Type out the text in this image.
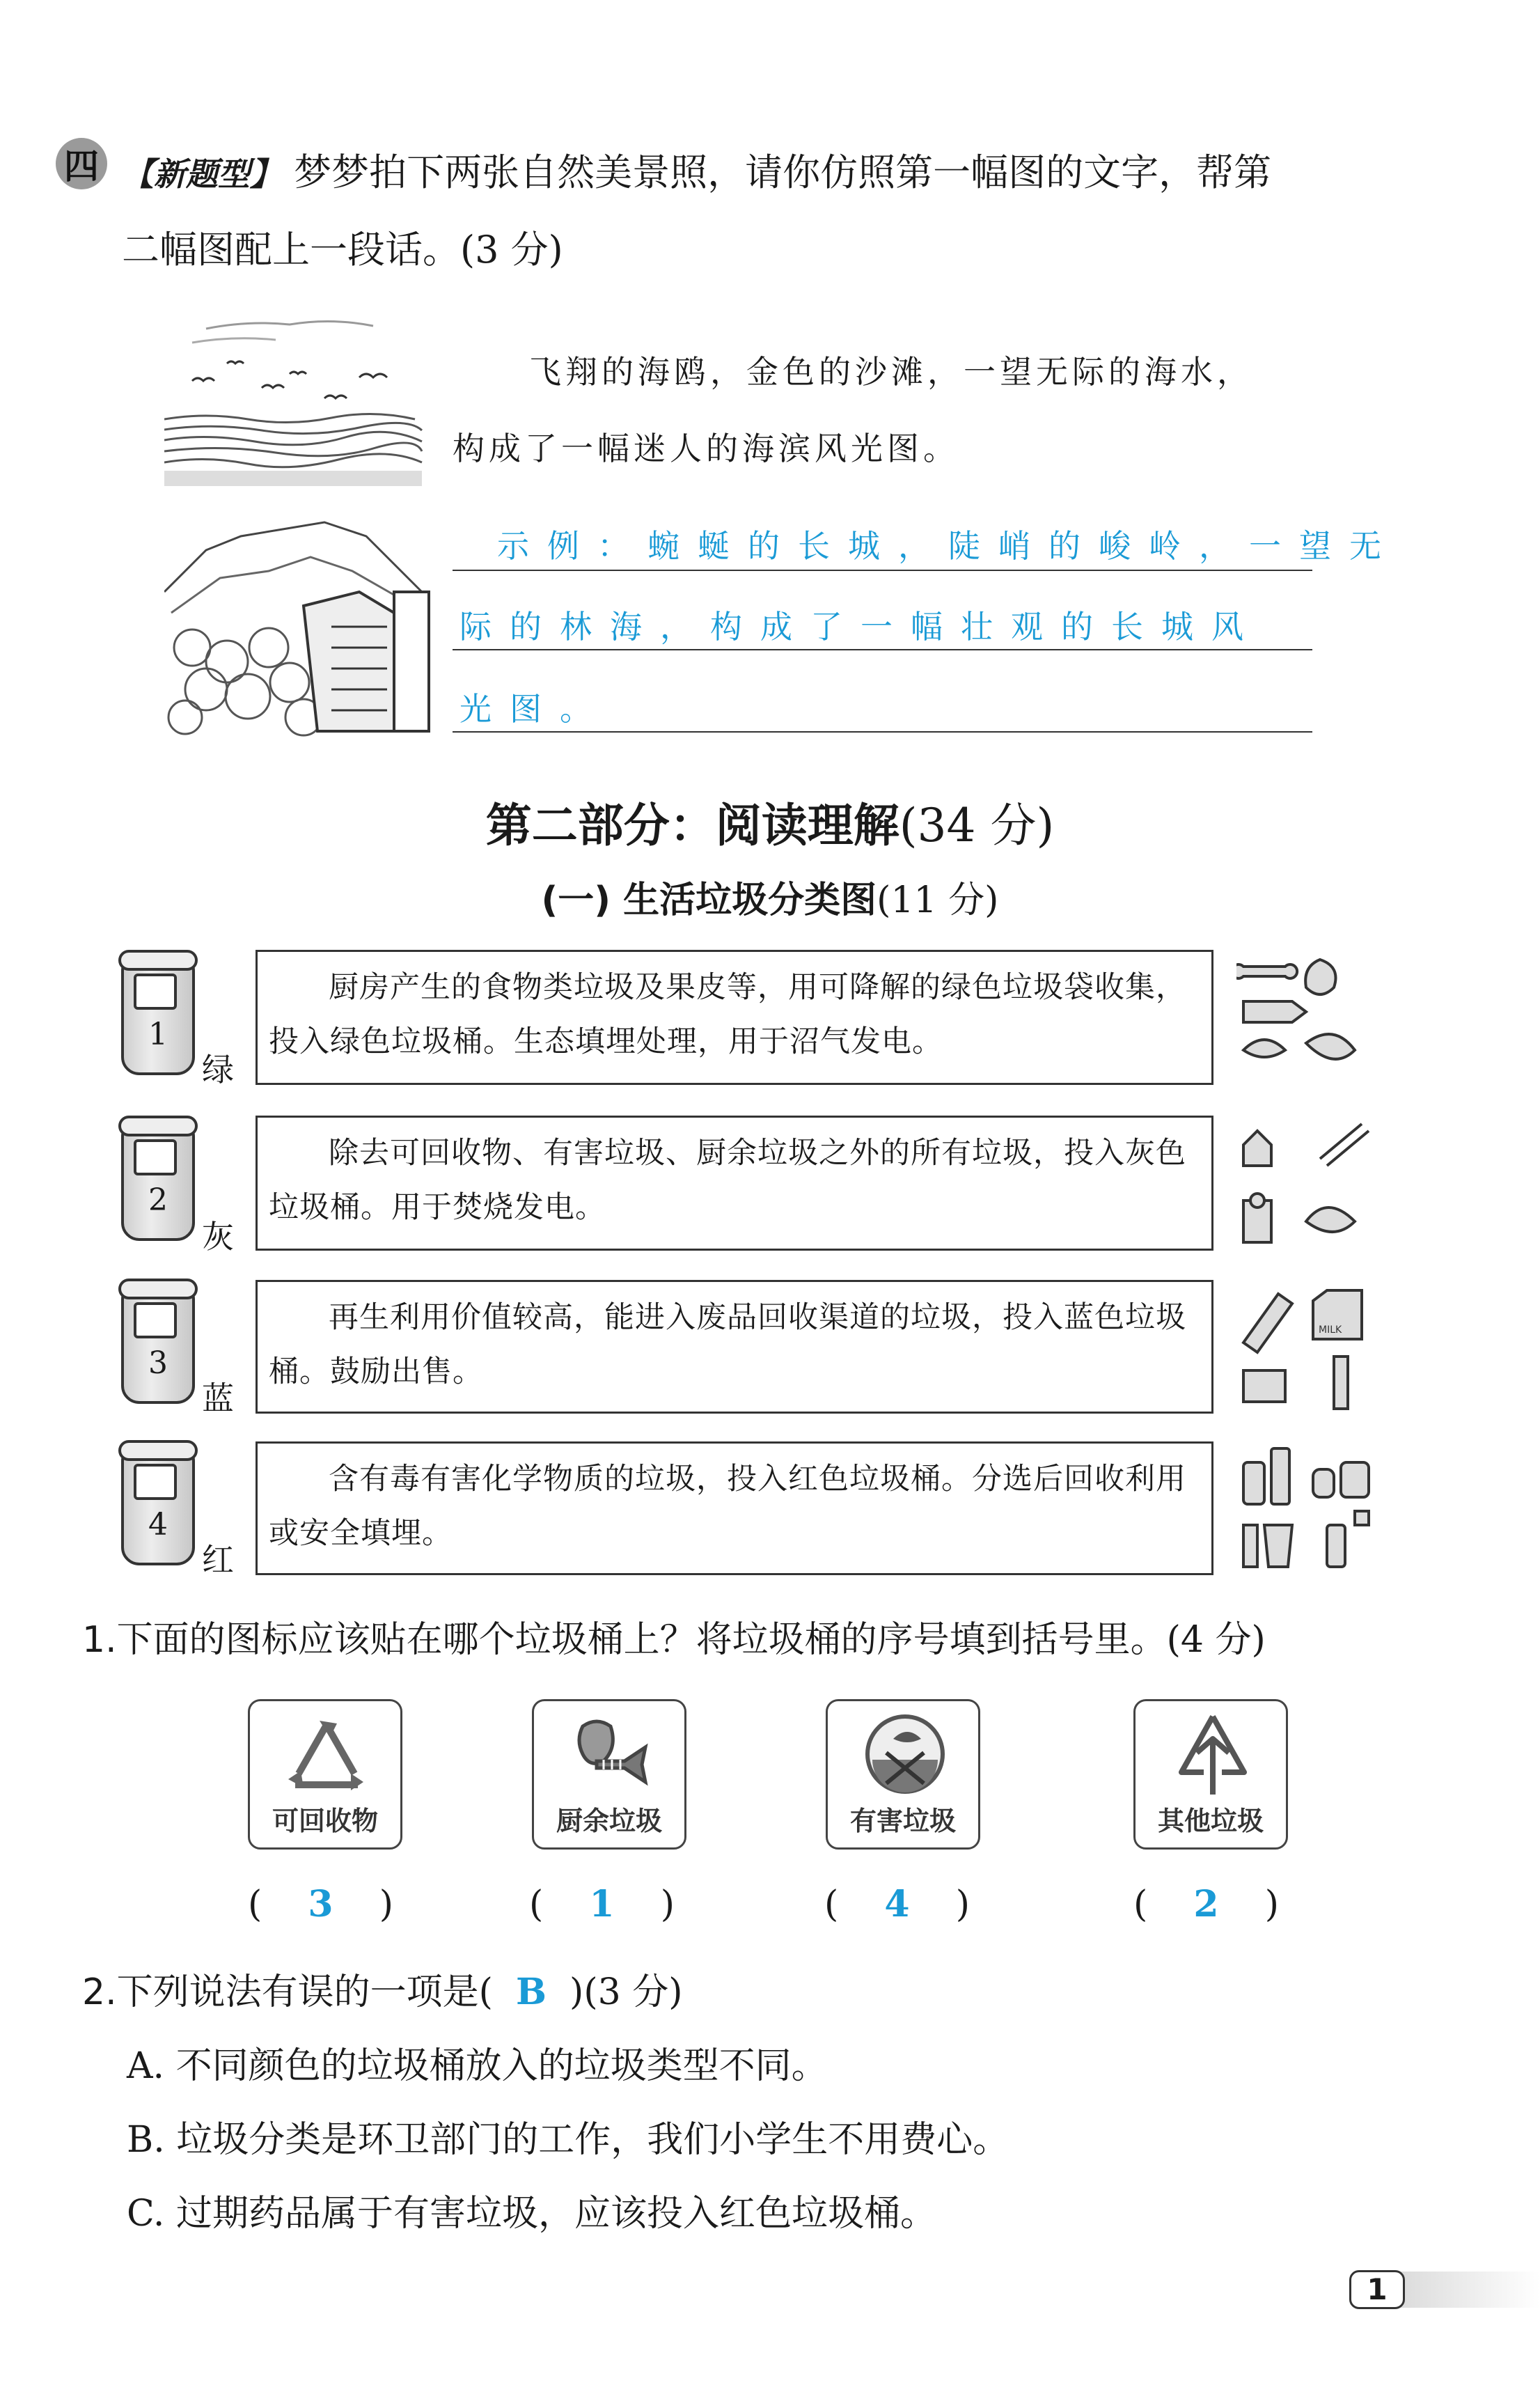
四 【新题型】 梦梦拍下两张自然美景照，请你仿照第一幅图的文字，帮第
二幅图配上一段话。(3 分)
飞翔的海鸥，金色的沙滩，一望无际的海水，
构成了一幅迷人的海滨风光图。
示例：蜿蜒的长城，陡峭的峻岭，一望无
际的林海，构成了一幅壮观的长城风
光图。
第二部分：阅读理解(34 分)
(一) 生活垃圾分类图(11 分)
1
绿

厨房产生的食物类垃圾及果皮等，用可降解的绿色垃圾袋收集，投入绿色垃圾桶。生态填埋处理，用于沼气发电。

2
灰

除去可回收物、有害垃圾、厨余垃圾之外的所有垃圾，投入灰色垃圾桶。用于焚烧发电。

3
蓝

再生利用价值较高，能进入废品回收渠道的垃圾，投入蓝色垃圾桶。鼓励出售。

MILK
4
红

含有毒有害化学物质的垃圾，投入红色垃圾桶。分选后回收利用或安全填埋。

1.下面的图标应该贴在哪个垃圾桶上？将垃圾桶的序号填到括号里。(4 分)
可回收物	厨余垃圾	有害垃圾	其他垃圾
(    3    )	(    1    )	(    4    )	(    2    )
2.下列说法有误的一项是(  B  )(3 分)
A. 不同颜色的垃圾桶放入的垃圾类型不同。
B. 垃圾分类是环卫部门的工作，我们小学生不用费心。
C. 过期药品属于有害垃圾，应该投入红色垃圾桶。
1
